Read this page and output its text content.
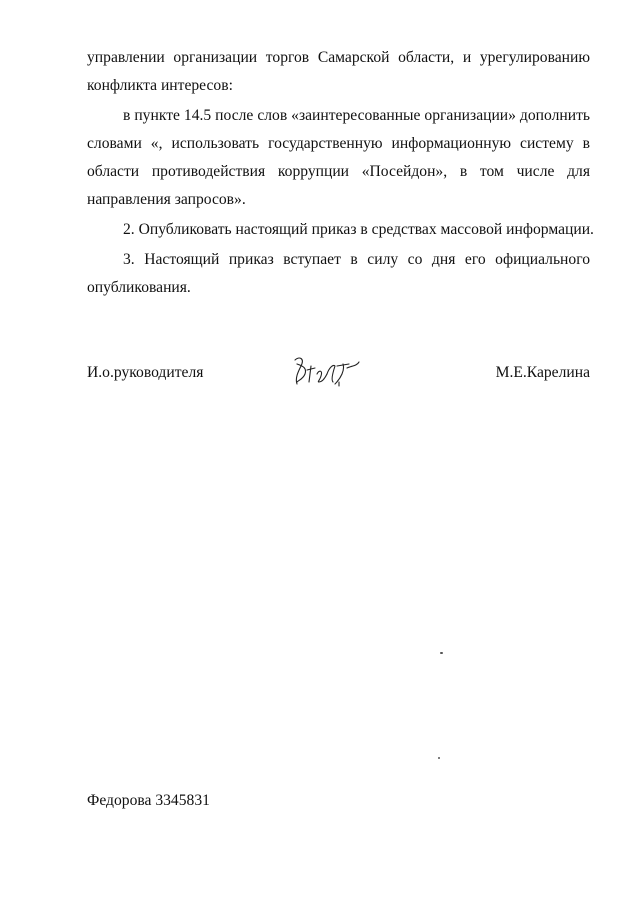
управлении организации торгов Самарской области, и урегулированию
конфликта интересов:
в пункте 14.5 после слов «заинтересованные организации» дополнить
словами «, использовать государственную информационную систему в
области противодействия коррупции «Посейдон», в том числе для
направления запросов».
2. Опубликовать настоящий приказ в средствах массовой информации.
3. Настоящий приказ вступает в силу со дня его официального
опубликования.
И.о.руководителя	М.Е.Карелина
Федорова 3345831
